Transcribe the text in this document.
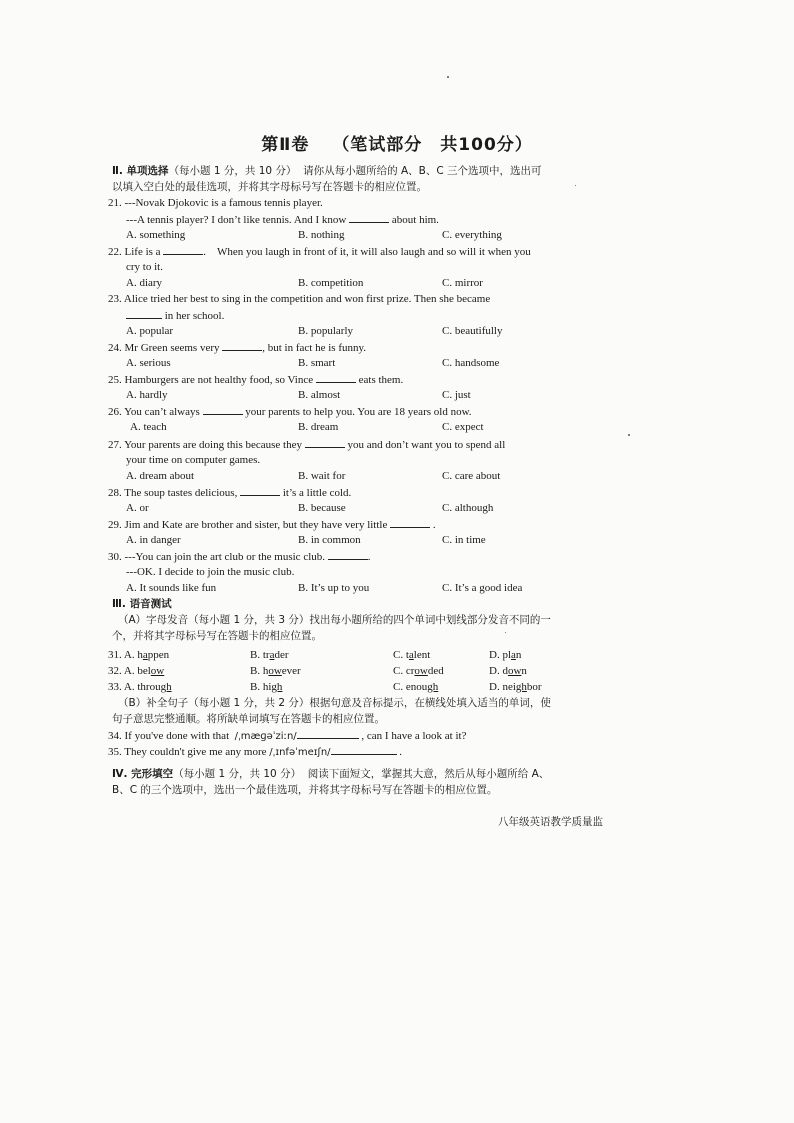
第Ⅱ卷 （笔试部分　共100分）
Ⅱ. 单项选择（每小题 1 分，共 10 分） 请你从每小题所给的 A、B、C 三个选项中，选出可
以填入空白处的最佳选项，并将其字母标号写在答题卡的相应位置。
21. ---Novak Djokovic is a famous tennis player.
---A tennis player? I don’t like tennis. And I know	about him.
A. something	B. nothing	C. everything
22. Life is a	.　When you laugh in front of it, it will also laugh and so will it when you
cry to it.
A. diary	B. competition	C. mirror
23. Alice tried her best to sing in the competition and won first prize. Then she became
in her school.
A. popular	B. popularly	C. beautifully
24. Mr Green seems very	, but in fact he is funny.
A. serious	B. smart	C. handsome
25. Hamburgers are not healthy food, so Vince	eats them.
A. hardly	B. almost	C. just
26. You can’t always	your parents to help you. You are 18 years old now.
A. teach	B. dream	C. expect
27. Your parents are doing this because they	you and don’t want you to spend all
your time on computer games.
A. dream about	B. wait for	C. care about
28. The soup tastes delicious,	it’s a little cold.
A. or	B. because	C. although
29. Jim and Kate are brother and sister, but they have very little	.
A. in danger	B. in common	C. in time
30. ---You can join the art club or the music club.	.
---OK. I decide to join the music club.
A. It sounds like fun	B. It’s up to you	C. It’s a good idea
Ⅲ. 语音测试
（A）字母发音（每小题 1 分，共 3 分）找出每小题所给的四个单词中划线部分发音不同的一
个，并将其字母标号写在答题卡的相应位置。
31. A. happen	B. trader	C. talent	D. plan
32. A. below	B. however	C. crowded	D. down
33. A. through	B. high	C. enough	D. neighbor
（B）补全句子（每小题 1 分，共 2 分）根据句意及音标提示，在横线处填入适当的单词，使
句子意思完整通顺。将所缺单词填写在答题卡的相应位置。
34. If you've done with that /ˌmæɡəˈziːn/	, can I have a look at it?
35. They couldn't give me any more /ˌɪnfəˈmeɪʃn/	.
Ⅳ. 完形填空（每小题 1 分，共 10 分） 阅读下面短文，掌握其大意，然后从每小题所给 A、
B、C 的三个选项中，选出一个最佳选项，并将其字母标号写在答题卡的相应位置。
八年级英语教学质量监
